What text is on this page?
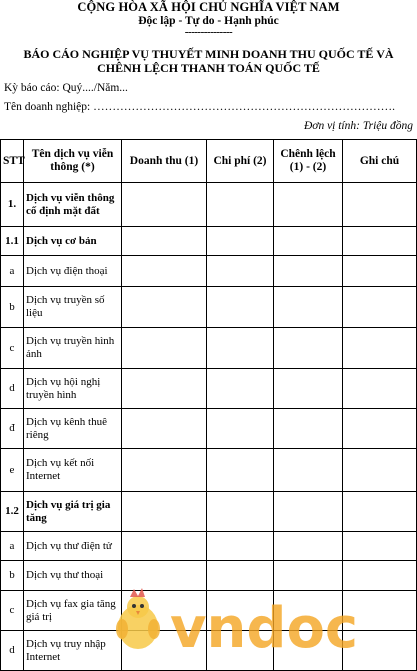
CỘNG HÒA XÃ HỘI CHỦ NGHĨA VIỆT NAM
Độc lập - Tự do - Hạnh phúc
---------------
BÁO CÁO NGHIỆP VỤ THUYẾT MINH DOANH THU QUỐC TẾ VÀ
CHÊNH LỆCH THANH TOÁN QUỐC TẾ
Kỳ báo cáo: Quý..../Năm...
Tên doanh nghiệp: …………………………………………………………………….
Đơn vị tính: Triệu đồng
STT	Tên dịch vụ viễn thông (*)	Doanh thu (1)	Chi phí (2)	Chênh lệch (1) - (2)	Ghi chú
1.	Dịch vụ viễn thông cố định mặt đất				
1.1	Dịch vụ cơ bản				
a	Dịch vụ điện thoại				
b	Dịch vụ truyền số liệu				
c	Dịch vụ truyền hình ảnh				
d	Dịch vụ hội nghị truyền hình				
đ	Dịch vụ kênh thuê riêng				
e	Dịch vụ kết nối Internet				
1.2	Dịch vụ giá trị gia tăng				
a	Dịch vụ thư điện tử				
b	Dịch vụ thư thoại				
c	Dịch vụ fax gia tăng giá trị				
d	Dịch vụ truy nhập Internet				vndoc
